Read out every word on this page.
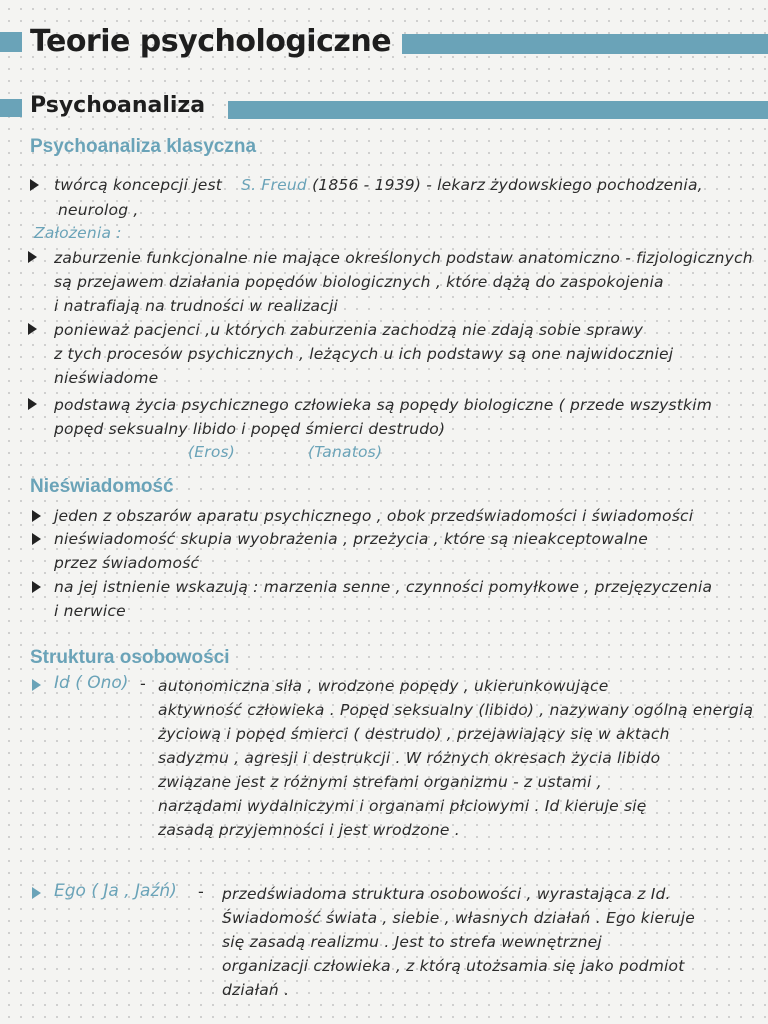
Teorie psychologiczne
Psychoanaliza
Psychoanaliza klasyczna
twórcą koncepcji jest S. Freud (1856 - 1939) - lekarz żydowskiego pochodzenia,
neurolog ,
Założenia :
zaburzenie funkcjonalne nie mające określonych podstaw anatomiczno - fizjologicznych
są przejawem działania popędów biologicznych , które dążą do zaspokojenia
i natrafiają na trudności w realizacji
ponieważ pacjenci ,u których zaburzenia zachodzą nie zdają sobie sprawy
z tych procesów psychicznych , leżących u ich podstawy są one najwidoczniej
nieświadome
podstawą życia psychicznego człowieka są popędy biologiczne ( przede wszystkim
popęd seksualny libido i popęd śmierci destrudo)
(Eros)	(Tanatos)
Nieświadomość
jeden z obszarów aparatu psychicznego , obok przedświadomości i świadomości
nieświadomość skupia wyobrażenia , przeżycia , które są nieakceptowalne
przez świadomość
na jej istnienie wskazują : marzenia senne , czynności pomyłkowe , przejęzyczenia
i nerwice
Struktura osobowości
Id ( Ono) - autonomiczna siła , wrodzone popędy , ukierunkowujące
aktywność człowieka . Popęd seksualny (libido) , nazywany ogólną energią
życiową i popęd śmierci ( destrudo) , przejawiający się w aktach
sadyzmu , agresji i destrukcji . W różnych okresach życia libido
związane jest z różnymi strefami organizmu - z ustami ,
narządami wydalniczymi i organami płciowymi . Id kieruje się
zasadą przyjemności i jest wrodzone .
Ego ( Ja , Jaźń) - przedświadoma struktura osobowości , wyrastająca z Id.
Świadomość świata , siebie , własnych działań . Ego kieruje
się zasadą realizmu . Jest to strefa wewnętrznej
organizacji człowieka , z którą utożsamia się jako podmiot
działań .
